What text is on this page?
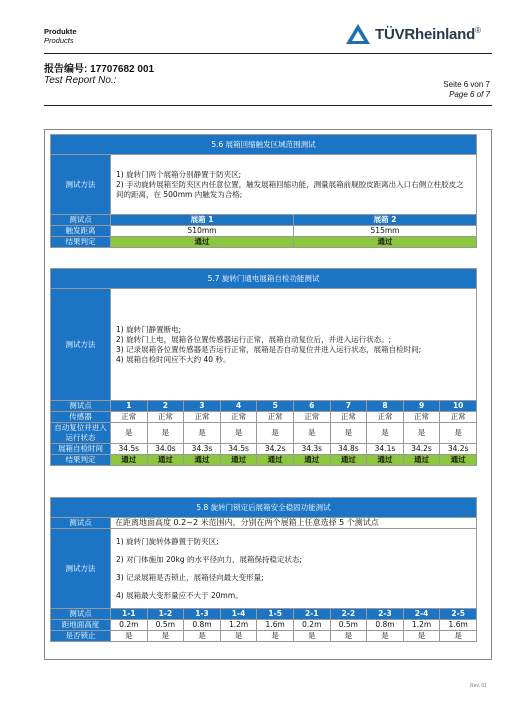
Produkte
Products	TÜVRheinland®
报告编号: 17707682 001
Test Report No.:	Seite 6 von 7
Page 6 of 7
5.6 展箱回缩触发区域范围测试		
测试方法	1) 旋转门两个展箱分别静置于防夹区;
2) 手动旋转展箱至防夹区内任意位置，触发展箱回缩功能，测量展箱前舰胶皮距离出入口右侧立柱胶皮之间的距离，在 500mm 内触发为合格;	

测试点	展箱 1	展箱 2
触发距离	510mm	515mm
结果判定	通过	通过
5.7 旋转门通电展箱自检功能测试										
测试方法	1) 旋转门静置断电;
2) 旋转门上电，展箱各位置传感器运行正常，展箱自动复位后，并进入运行状态。;
3) 记录展箱各位置传感器是否运行正常，展箱是否自动复位并进入运行状态，展箱自检时间;
4) 展箱自检时间应不大约 40 秒。									

测试点	1	2	3	4	5	6	7	8	9	10
传感器	正常	正常	正常	正常	正常	正常	正常	正常	正常	正常
自动复位并进入运行状态	是	是	是	是	是	是	是	是	是	是
展箱自检时间	34.5s	34.0s	34.3s	34.5s	34.2s	34.3s	34.8s	34.1s	34.2s	34.2s
结果判定	通过	通过	通过	通过	通过	通过	通过	通过	通过	通过
5.8 旋转门锁定后展箱安全稳固功能测试										
测试点	在距离地面高度 0.2~2 米范围内，分别在两个展箱上任意选择 5 个测试点									
测试方法	1) 旋转门旋转体静置于防夹区;
2) 对门体施加 20kg 的水平径向力，展箱保持稳定状态;
3) 记录展箱是否锁止，展箱径向最大变形量;
4) 展箱最大变形量应不大于 20mm。									

测试点	1-1	1-2	1-3	1-4	1-5	2-1	2-2	2-3	2-4	2-5
距地面高度	0.2m	0.5m	0.8m	1.2m	1.6m	0.2m	0.5m	0.8m	1.2m	1.6m
是否锁止	是	是	是	是	是	是	是	是	是	是
Rev. 01
